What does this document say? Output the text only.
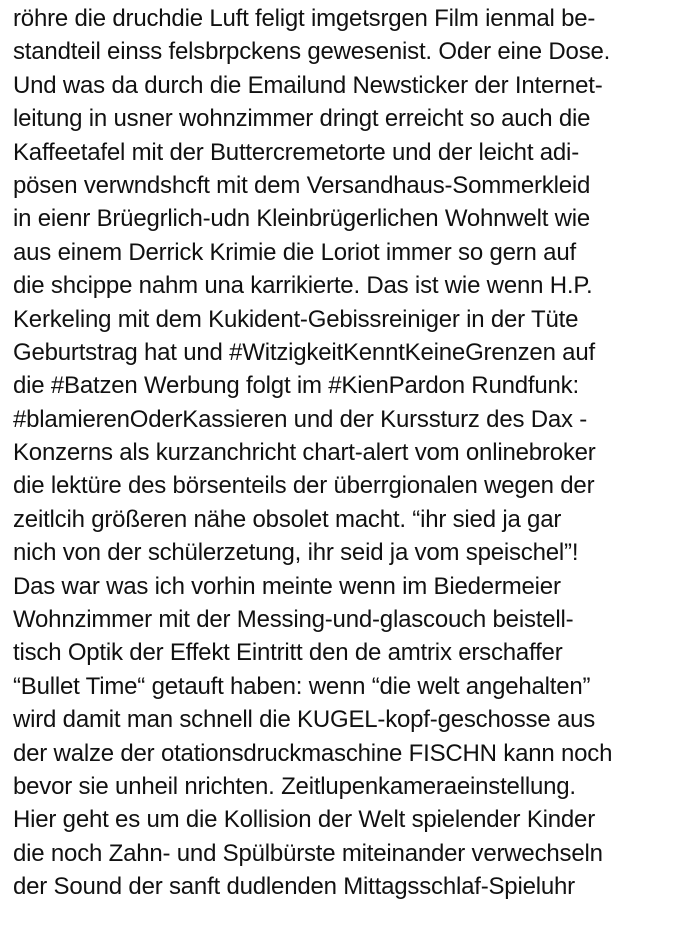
röhre die druchdie Luft feligt imgetsrgen Film ienmal be-
standteil einss felsbrpckens gewesenist. Oder eine Dose.
Und was da durch die Emailund Newsticker der Internet-
leitung in usner wohnzimmer dringt erreicht so auch die
Kaffeetafel mit der Buttercremetorte und der leicht adi-
pösen verwndshcft mit dem Versandhaus-Sommerkleid
in eienr Brüegrlich-udn Kleinbrügerlichen Wohnwelt wie
aus einem Derrick Krimie die Loriot immer so gern auf
die shcippe nahm una karrikierte. Das ist wie wenn H.P.
Kerkeling mit dem Kukident-Gebissreiniger in der Tüte
Geburtstrag hat und #WitzigkeitKenntKeineGrenzen auf
die #Batzen Werbung folgt im #KienPardon Rundfunk:
#blamierenOderKassieren und der Kurssturz des Dax -
Konzerns als kurzanchricht chart-alert vom onlinebroker
die lektüre des börsenteils der überrgionalen wegen der
zeitlcih größeren nähe obsolet macht. “ihr sied ja gar
nich von der schülerzetung, ihr seid ja vom speischel”!
Das war was ich vorhin meinte wenn im Biedermeier
Wohnzimmer mit der Messing-und-glascouch beistell-
tisch Optik der Effekt Eintritt den de amtrix erschaffer
“Bullet Time“ getauft haben: wenn “die welt angehalten”
wird damit man schnell die KUGEL-kopf-geschosse aus
der walze der otationsdruckmaschine FISCHN kann noch
bevor sie unheil nrichten. Zeitlupenkameraeinstellung.
Hier geht es um die Kollision der Welt spielender Kinder
die noch Zahn- und Spülbürste miteinander verwechseln
der Sound der sanft dudlenden Mittagsschlaf-Spieluhr
